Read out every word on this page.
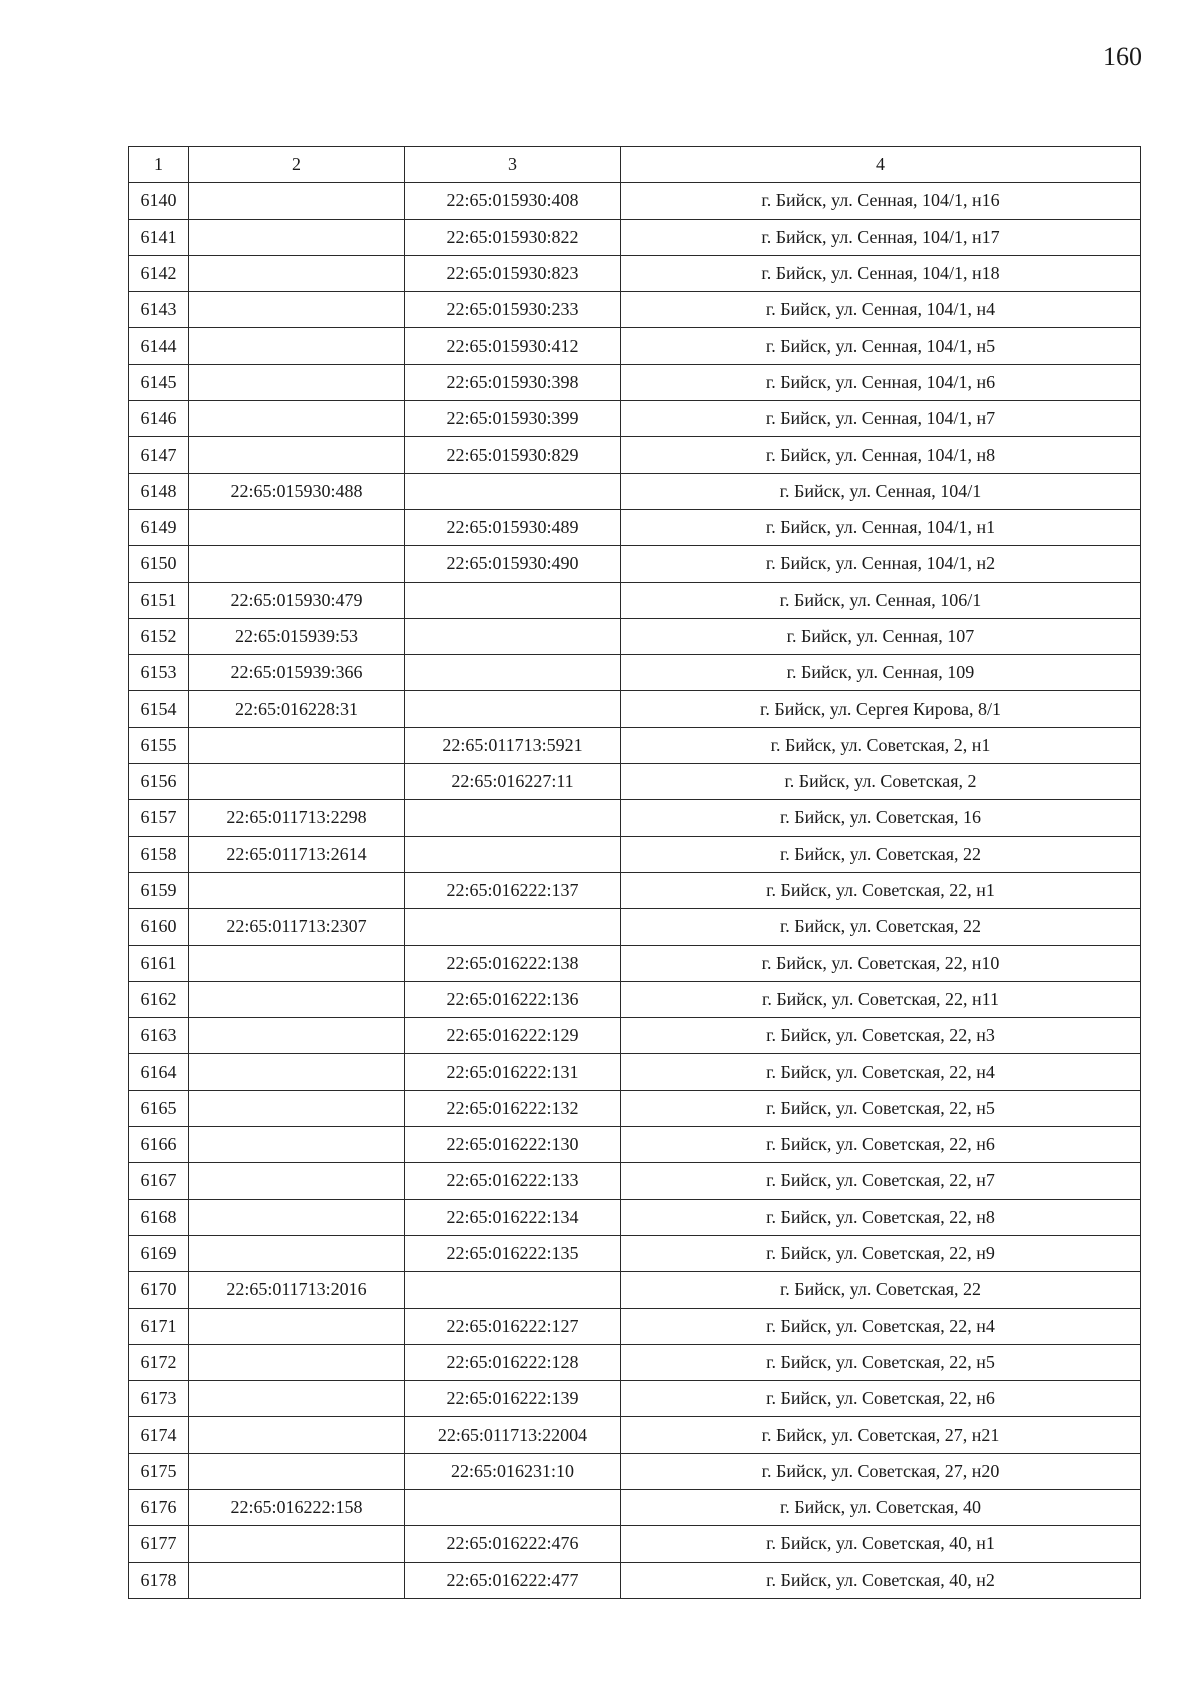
160
1	2	3	4
6140		22:65:015930:408	г. Бийск, ул. Сенная, 104/1, н16
6141		22:65:015930:822	г. Бийск, ул. Сенная, 104/1, н17
6142		22:65:015930:823	г. Бийск, ул. Сенная, 104/1, н18
6143		22:65:015930:233	г. Бийск, ул. Сенная, 104/1, н4
6144		22:65:015930:412	г. Бийск, ул. Сенная, 104/1, н5
6145		22:65:015930:398	г. Бийск, ул. Сенная, 104/1, н6
6146		22:65:015930:399	г. Бийск, ул. Сенная, 104/1, н7
6147		22:65:015930:829	г. Бийск, ул. Сенная, 104/1, н8
6148	22:65:015930:488		г. Бийск, ул. Сенная, 104/1
6149		22:65:015930:489	г. Бийск, ул. Сенная, 104/1, н1
6150		22:65:015930:490	г. Бийск, ул. Сенная, 104/1, н2
6151	22:65:015930:479		г. Бийск, ул. Сенная, 106/1
6152	22:65:015939:53		г. Бийск, ул. Сенная, 107
6153	22:65:015939:366		г. Бийск, ул. Сенная, 109
6154	22:65:016228:31		г. Бийск, ул. Сергея Кирова, 8/1
6155		22:65:011713:5921	г. Бийск, ул. Советская, 2, н1
6156		22:65:016227:11	г. Бийск, ул. Советская, 2
6157	22:65:011713:2298		г. Бийск, ул. Советская, 16
6158	22:65:011713:2614		г. Бийск, ул. Советская, 22
6159		22:65:016222:137	г. Бийск, ул. Советская, 22, н1
6160	22:65:011713:2307		г. Бийск, ул. Советская, 22
6161		22:65:016222:138	г. Бийск, ул. Советская, 22, н10
6162		22:65:016222:136	г. Бийск, ул. Советская, 22, н11
6163		22:65:016222:129	г. Бийск, ул. Советская, 22, н3
6164		22:65:016222:131	г. Бийск, ул. Советская, 22, н4
6165		22:65:016222:132	г. Бийск, ул. Советская, 22, н5
6166		22:65:016222:130	г. Бийск, ул. Советская, 22, н6
6167		22:65:016222:133	г. Бийск, ул. Советская, 22, н7
6168		22:65:016222:134	г. Бийск, ул. Советская, 22, н8
6169		22:65:016222:135	г. Бийск, ул. Советская, 22, н9
6170	22:65:011713:2016		г. Бийск, ул. Советская, 22
6171		22:65:016222:127	г. Бийск, ул. Советская, 22, н4
6172		22:65:016222:128	г. Бийск, ул. Советская, 22, н5
6173		22:65:016222:139	г. Бийск, ул. Советская, 22, н6
6174		22:65:011713:22004	г. Бийск, ул. Советская, 27, н21
6175		22:65:016231:10	г. Бийск, ул. Советская, 27, н20
6176	22:65:016222:158		г. Бийск, ул. Советская, 40
6177		22:65:016222:476	г. Бийск, ул. Советская, 40, н1
6178		22:65:016222:477	г. Бийск, ул. Советская, 40, н2
